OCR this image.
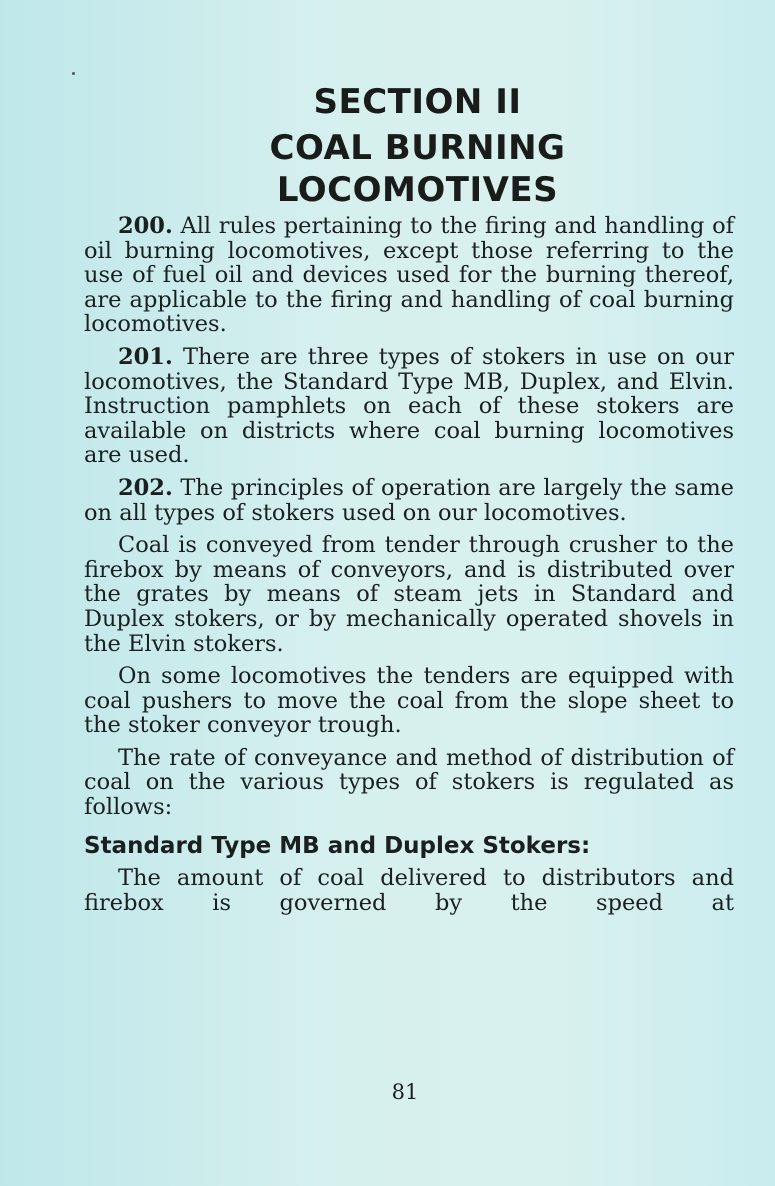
SECTION II
COAL BURNING
LOCOMOTIVES

200. All rules pertaining to the firing and handling of oil burning locomotives, except those referring to the use of fuel oil and devices used for the burning thereof, are applicable to the firing and handling of coal burning locomotives.

201. There are three types of stokers in use on our locomotives, the Standard Type MB, Duplex, and Elvin. Instruction pamphlets on each of these stokers are available on districts where coal burning locomotives are used.

202. The principles of operation are largely the same on all types of stokers used on our locomotives.

Coal is conveyed from tender through crusher to the firebox by means of conveyors, and is distributed over the grates by means of steam jets in Standard and Duplex stokers, or by mechanically operated shovels in the Elvin stokers.

On some locomotives the tenders are equipped with coal pushers to move the coal from the slope sheet to the stoker conveyor trough.

The rate of conveyance and method of distribution of coal on the various types of stokers is regulated as follows:

Standard Type MB and Duplex Stokers:

The amount of coal delivered to distributors and firebox is governed by the speed at

81
